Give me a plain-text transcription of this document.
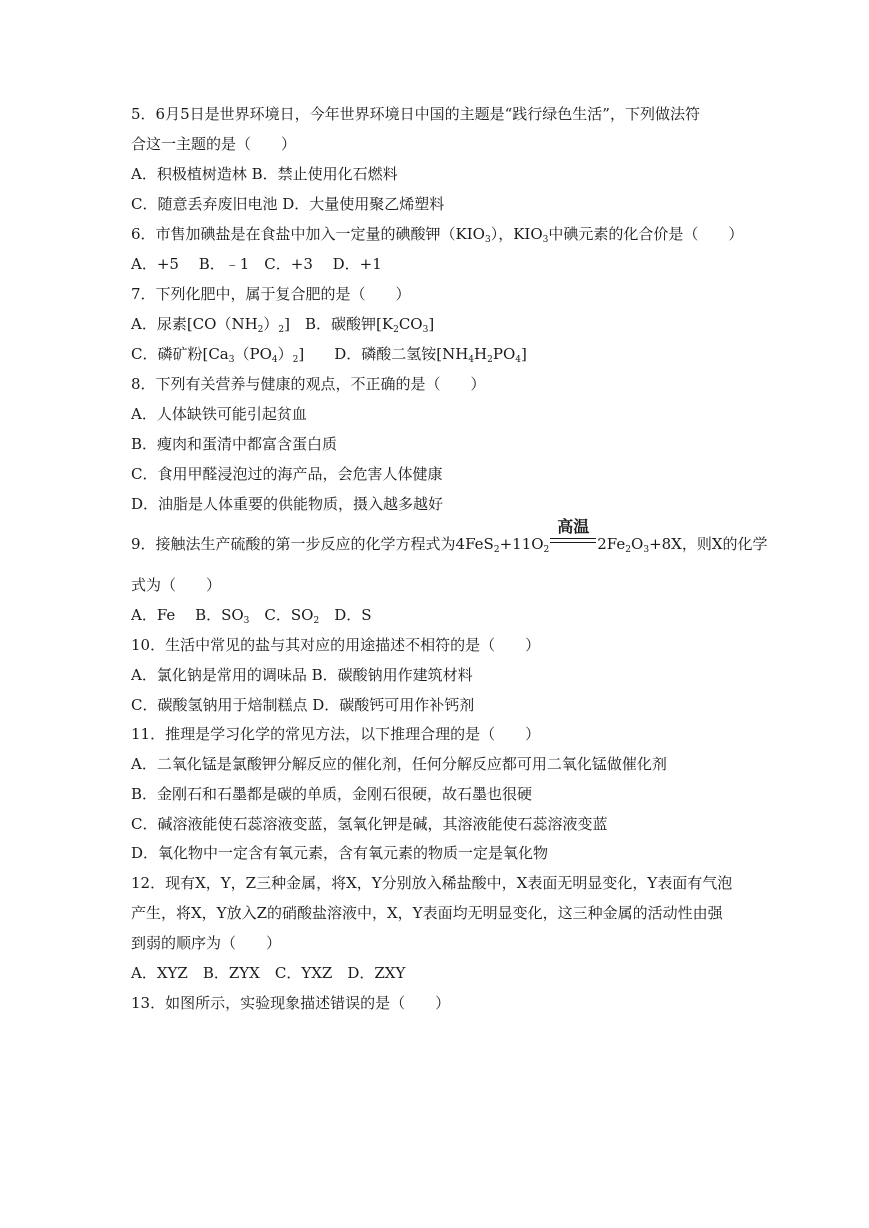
5．6月5日是世界环境日，今年世界环境日中国的主题是“践行绿色生活”，下列做法符
合这一主题的是（　　）
A．积极植树造林 B．禁止使用化石燃料
C．随意丢弃废旧电池 D．大量使用聚乙烯塑料
6．市售加碘盐是在食盐中加入一定量的碘酸钾$(KIO_3)$，$KIO_3$中碘元素的化合价是（　　）
A．+5　 B．﹣1　C．+3　 D．+1
7．下列化肥中，属于复合肥的是（　　）
A．尿素$[CO(NH_2)_2]$　B．碳酸钾$[K_2CO_3]$
C．磷矿粉$[Ca_3(PO_4)_2]$　　D．磷酸二氢铵$[NH_4H_2PO_4]$
8．下列有关营养与健康的观点，不正确的是（　　）
A．人体缺铁可能引起贫血
B．瘦肉和蛋清中都富含蛋白质
C．食用甲醛浸泡过的海产品，会危害人体健康
D．油脂是人体重要的供能物质，摄入越多越好
9．接触法生产硫酸的第一步反应的化学方程式为$4FeS_2+11O_2$
高温
$2Fe_2O_3+8X$，则X的化学
式为（　　）
A．Fe　 B．$SO_3$　C．$SO_2$　D．S
10．生活中常见的盐与其对应的用途描述不相符的是（　　）
A．氯化钠是常用的调味品 B．碳酸钠用作建筑材料
C．碳酸氢钠用于焙制糕点 D．碳酸钙可用作补钙剂
11．推理是学习化学的常见方法，以下推理合理的是（　　）
A．二氧化锰是氯酸钾分解反应的催化剂，任何分解反应都可用二氧化锰做催化剂
B．金刚石和石墨都是碳的单质，金刚石很硬，故石墨也很硬
C．碱溶液能使石蕊溶液变蓝，氢氧化钾是碱，其溶液能使石蕊溶液变蓝
D．氧化物中一定含有氧元素，含有氧元素的物质一定是氧化物
12．现有X，Y，Z三种金属，将X，Y分别放入稀盐酸中，X表面无明显变化，Y表面有气泡
产生，将X，Y放入Z的硝酸盐溶液中，X，Y表面均无明显变化，这三种金属的活动性由强
到弱的顺序为（　　）
A．XYZ　B．ZYX　C．YXZ　D．ZXY
13．如图所示，实验现象描述错误的是（　　）
